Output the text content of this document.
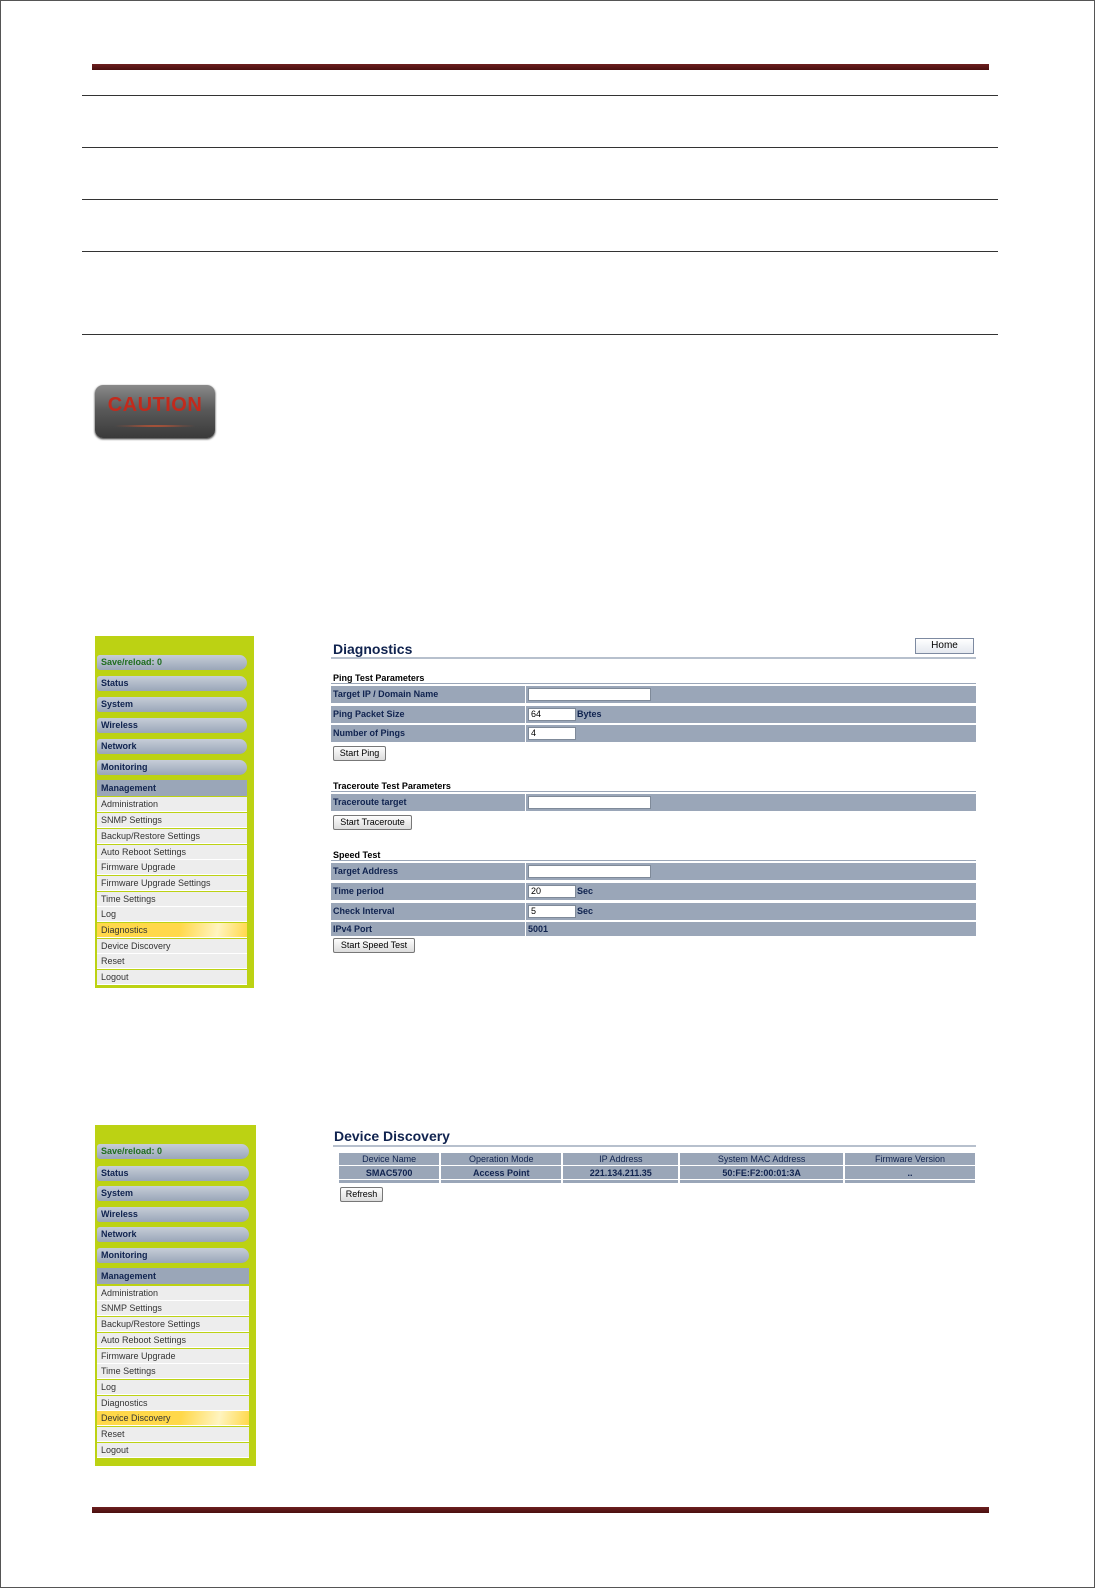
CAUTION
Save/reload: 0
Status
System
Wireless
Network
Monitoring
Management
Administration
SNMP Settings
Backup/Restore Settings
Auto Reboot Settings
Firmware Upgrade
Firmware Upgrade Settings
Time Settings
Log
Diagnostics
Device Discovery
Reset
Logout
Diagnostics	Home
Ping Test Parameters
Target IP / Domain Name
Ping Packet Size	64	Bytes
Number of Pings	4
Start Ping
Traceroute Test Parameters
Traceroute target
Start Traceroute
Speed Test
Target Address
Time period	20	Sec
Check Interval	5	Sec
IPv4 Port	5001
Start Speed Test
Save/reload: 0
Status
System
Wireless
Network
Monitoring
Management
Administration
SNMP Settings
Backup/Restore Settings
Auto Reboot Settings
Firmware Upgrade
Time Settings
Log
Diagnostics
Device Discovery
Reset
Logout
Device Discovery
Device Name	Operation Mode	IP Address	System MAC Address	Firmware Version
SMAC5700	Access Point	221.134.211.35	50:FE:F2:00:01:3A	..

Refresh
